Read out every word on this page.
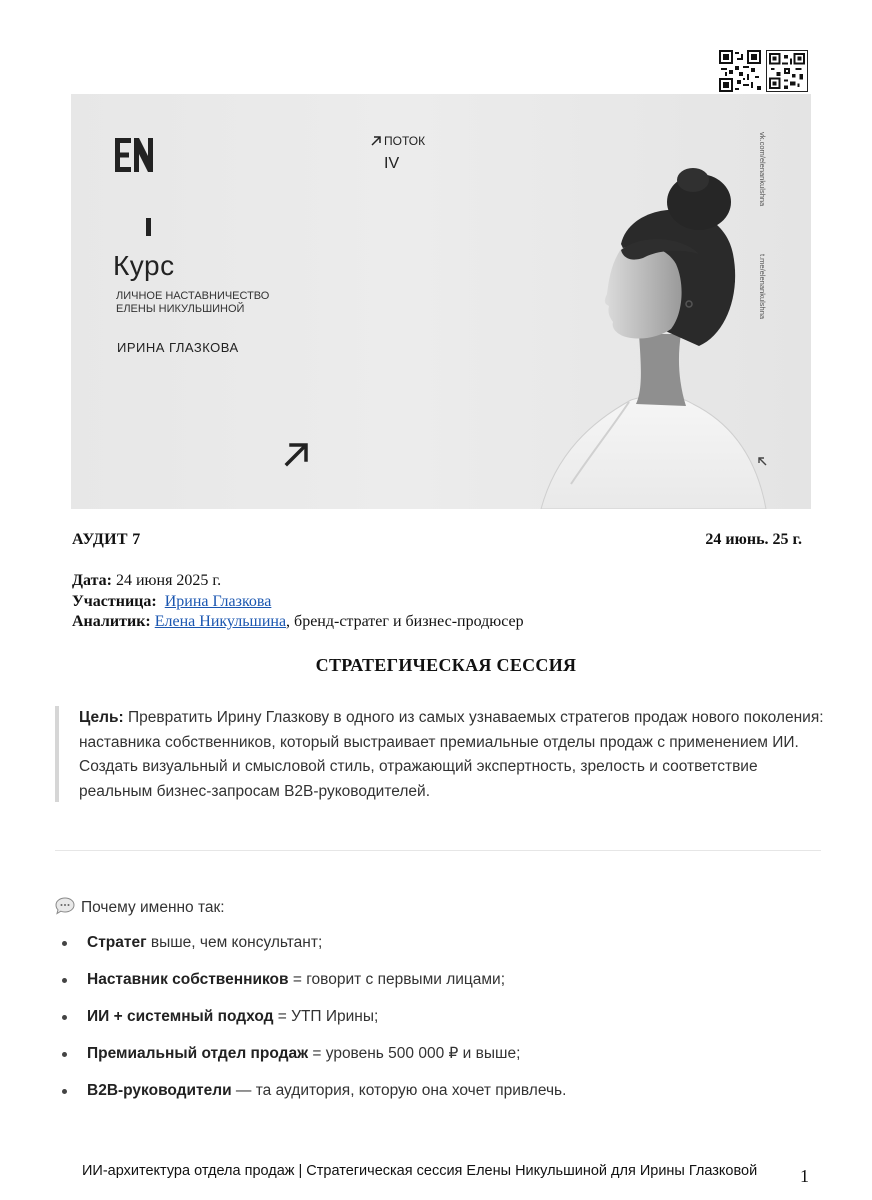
Курс
ЛИЧНОЕ НАСТАВНИЧЕСТВО
ЕЛЕНЫ НИКУЛЬШИНОЙ
ИРИНА ГЛАЗКОВА
ПОТОК
IV	vk.com/elenankulshna
t.me/elenankulshna
АУДИТ 7	24 июнь. 25 г.
Дата: 24 июня 2025 г.
Участница: Ирина Глазкова
Аналитик: Елена Никульшина, бренд-стратег и бизнес-продюсер
СТРАТЕГИЧЕСКАЯ СЕССИЯ
Цель: Превратить Ирину Глазкову в одного из самых узнаваемых стратегов продаж нового поколения: наставника собственников, который выстраивает премиальные отделы продаж с применением ИИ. Создать визуальный и смысловой стиль, отражающий экспертность, зрелость и соответствие реальным бизнес-запросам B2B-руководителей.
Почему именно так:
Стратег выше, чем консультант;
Наставник собственников = говорит с первыми лицами;
ИИ + системный подход = УТП Ирины;
Премиальный отдел продаж = уровень 500 000 ₽ и выше;
B2B-руководители — та аудитория, которую она хочет привлечь.
ИИ-архитектура отдела продаж | Стратегическая сессия Елены Никульшиной для Ирины Глазковой 1
